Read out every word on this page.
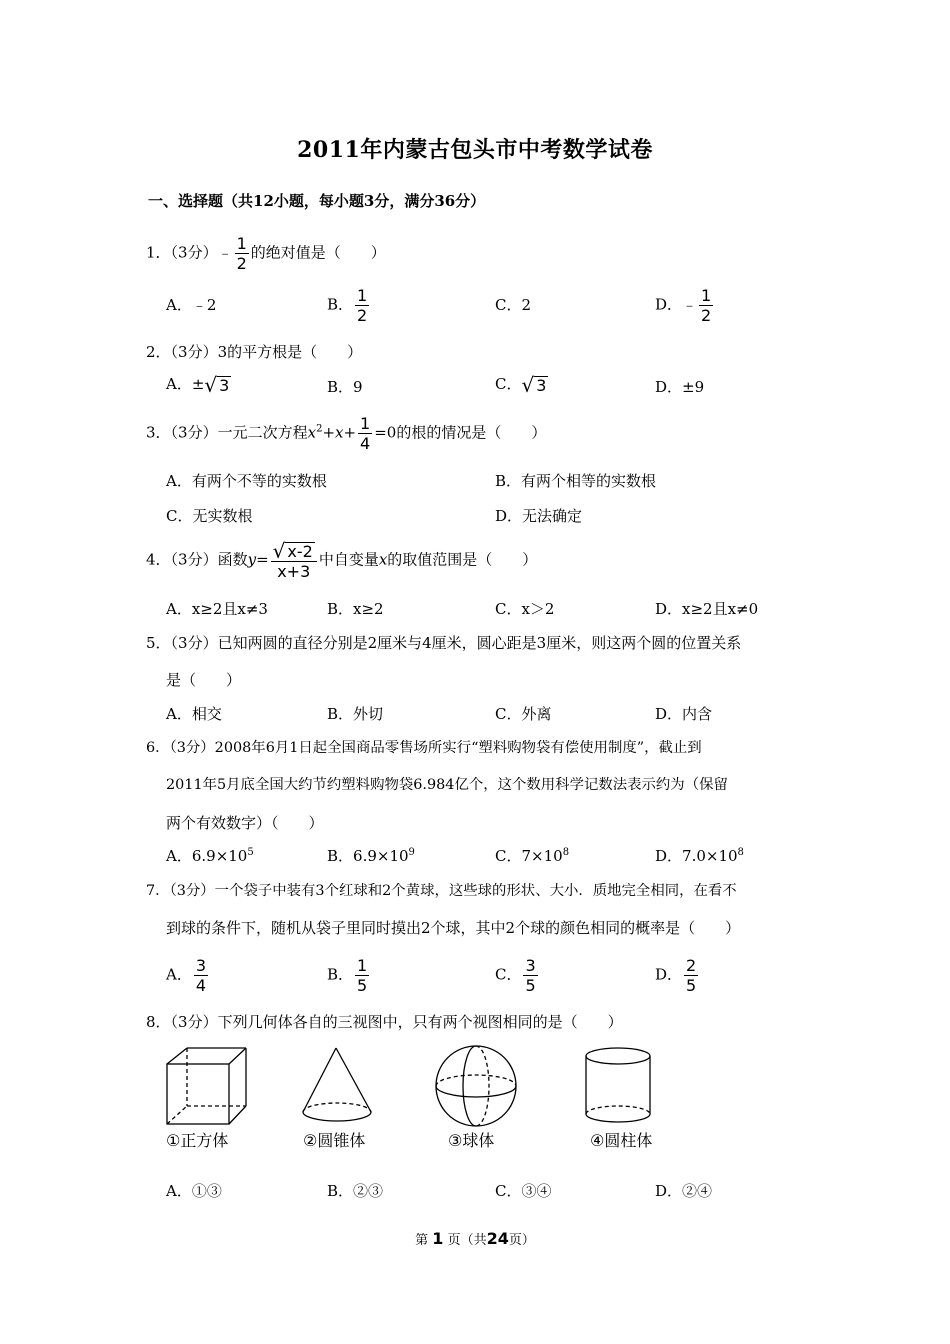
2011年内蒙古包头市中考数学试卷
一、选择题（共12小题，每小题3分，满分36分）
1．（3分）﹣ $\frac{1}{2}$ 的绝对值是（　　）
A．﹣2	B． $\frac{1}{2}$	C．2	D．﹣ $\frac{1}{2}$
2．（3分）3的平方根是（　　）
A．± √ 3	B．9	C． √ 3	D．±9
3．（3分）一元二次方程$x^2+x+ \frac{1}{4} =0$的根的情况是（　　）
A．有两个不等的实数根	B．有两个相等的实数根
C．无实数根	D．无法确定
4．（3分）函数$y= \frac{√ x-2}{x+3}$ 中自变量x的取值范围是（　　）
A．x≥2且x≠3	B．x≥2	C．x＞2	D．x≥2且x≠0
5．（3分）已知两圆的直径分别是2厘米与4厘米，圆心距是3厘米，则这两个圆的位置关系
是（　　）
A．相交	B．外切	C．外离	D．内含
6．（3分）2008年6月1日起全国商品零售场所实行“塑料购物袋有偿使用制度”，截止到
2011年5月底全国大约节约塑料购物袋6.984亿个，这个数用科学记数法表示约为（保留
两个有效数字）（　　）
A．$6.9\times 10^5$	B．$6.9\times 10^9$	C．$7\times 10^8$	D．$7.0\times 10^8$
7．（3分）一个袋子中装有3个红球和2个黄球，这些球的形状、大小．质地完全相同，在看不
到球的条件下，随机从袋子里同时摸出2个球，其中2个球的颜色相同的概率是（　　）
A． $\frac{3}{4}$	B． $\frac{1}{5}$	C． $\frac{3}{5}$	D． $\frac{2}{5}$
8．（3分）下列几何体各自的三视图中，只有两个视图相同的是（　　）
①正方体	②圆锥体	③球体	④圆柱体
A．①③	B．②③	C．③④	D．②④
第 1 页（共24页）
